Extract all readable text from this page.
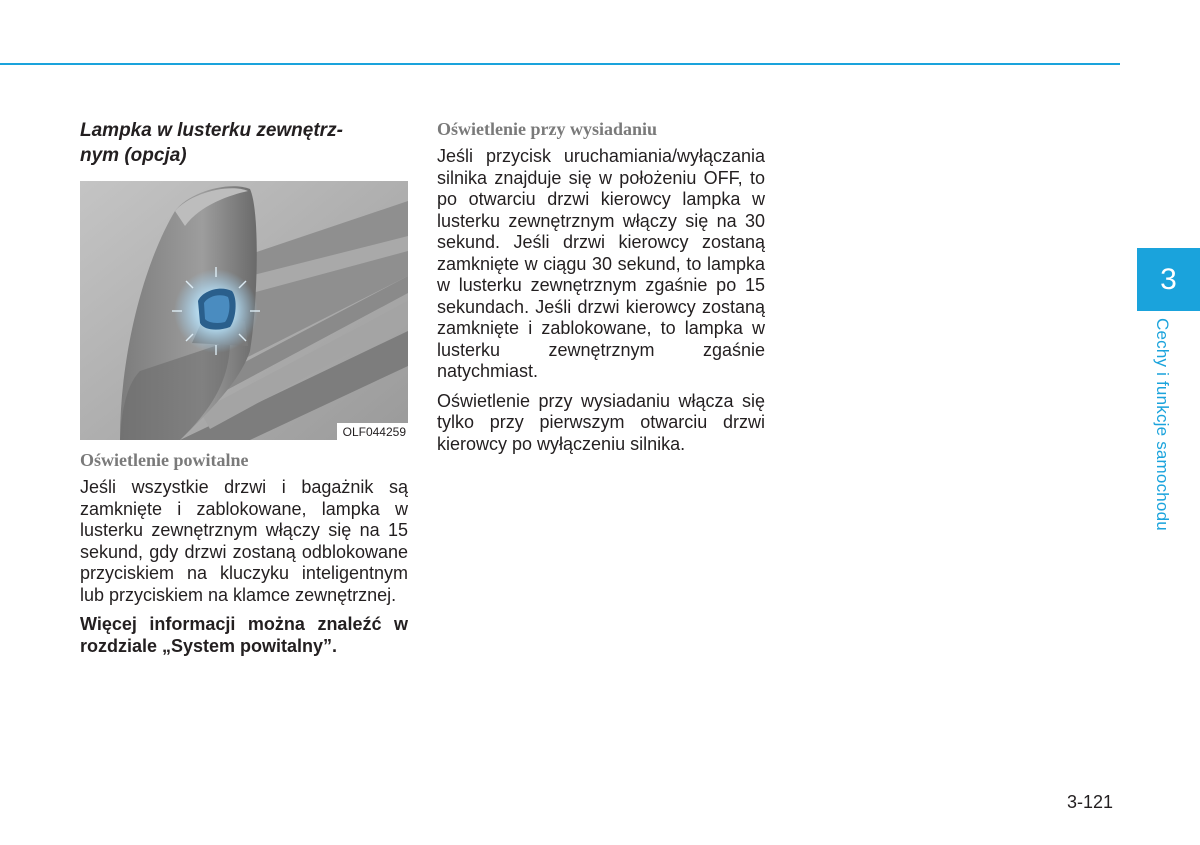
Lampka w lusterku zewnętrz-
nym (opcja)
OLF044259
Oświetlenie powitalne

Jeśli wszystkie drzwi i bagażnik są zamknięte i zablokowane, lampka w lusterku zewnętrznym włączy się na 15 sekund, gdy drzwi zostaną odblokowane przyciskiem na kluczyku inteligentnym lub przyciskiem na klamce zewnętrznej.

Więcej informacji można znaleźć w rozdziale „System powitalny”.

Oświetlenie przy wysiadaniu

Jeśli przycisk uruchamiania/wyłączania silnika znajduje się w położeniu OFF, to po otwarciu drzwi kierowcy lampka w lusterku zewnętrznym włączy się na 30 sekund. Jeśli drzwi kierowcy zostaną zamknięte w ciągu 30 sekund, to lampka w lusterku zewnętrznym zgaśnie po 15 sekundach. Jeśli drzwi kierowcy zostaną zamknięte i zablokowane, to lampka w lusterku zewnętrznym zgaśnie natychmiast.

Oświetlenie przy wysiadaniu włącza się tylko przy pierwszym otwarciu drzwi kierowcy po wyłączeniu silnika.

3
Cechy i funkcje samochodu
3-121
